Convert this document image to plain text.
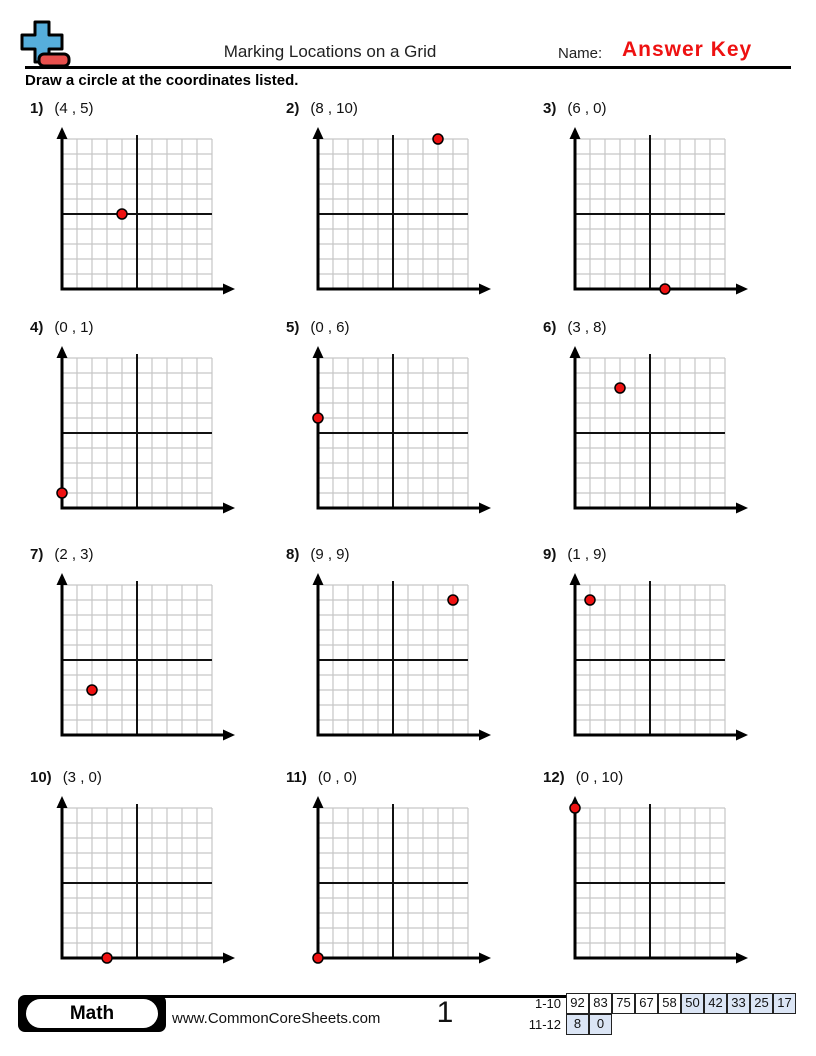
Marking Locations on a Grid	Name: Answer Key
Draw a circle at the coordinates listed.
1) (4 , 5)	2) (8 , 10)	3) (6 , 0)
4) (0 , 1)	5) (0 , 6)	6) (3 , 8)
7) (2 , 3)	8) (9 , 9)	9) (1 , 9)
10) (3 , 0)	11) (0 , 0)	12) (0 , 10)
Math	www.CommonCoreSheets.com	1	1-10 92 83 75 67 58 50 42 33 25 17
11-12 8	0
